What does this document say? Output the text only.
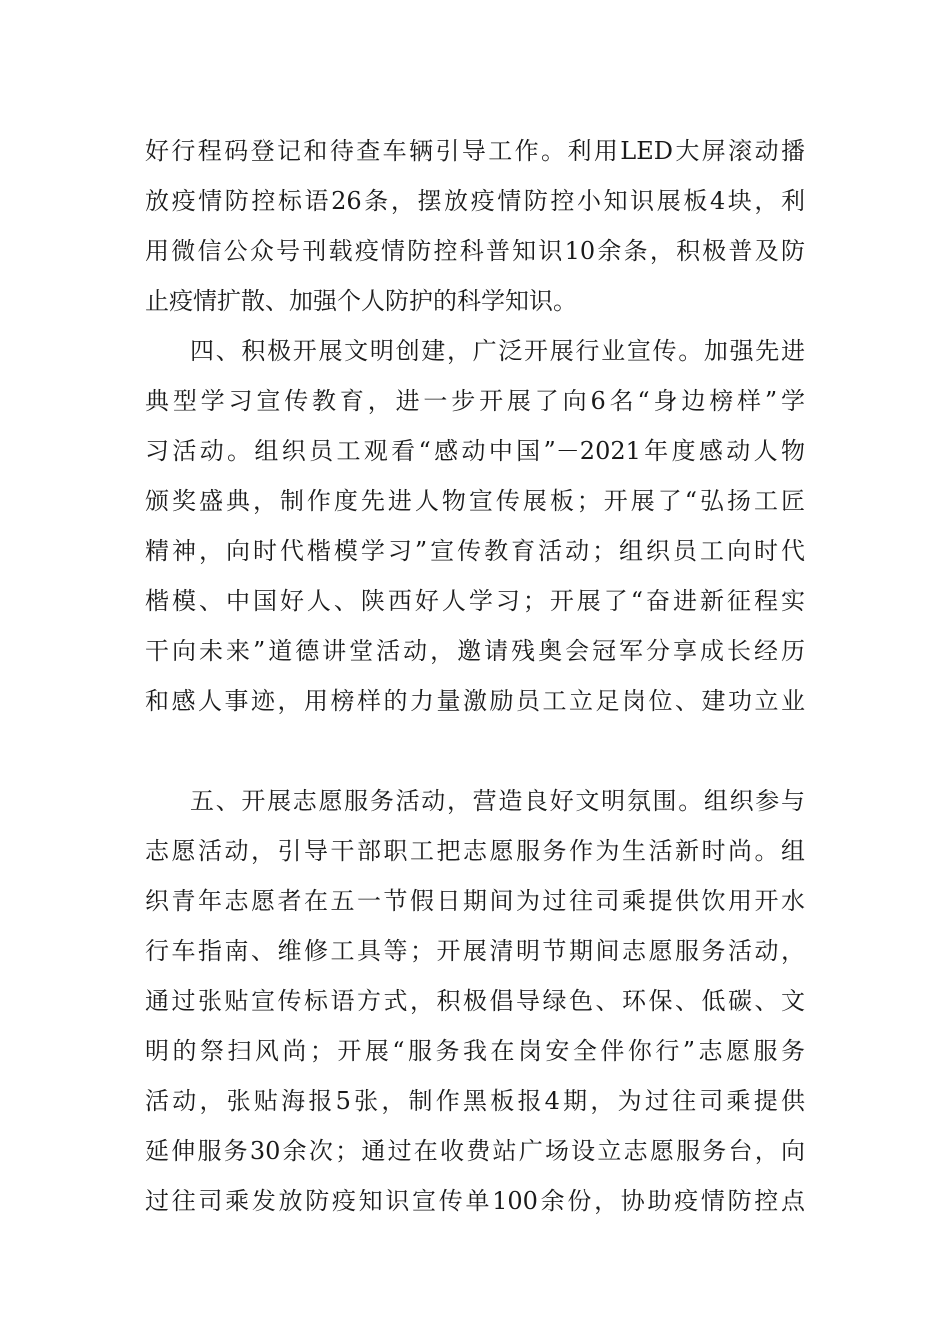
好行程码登记和待查车辆引导工作。利用LED大屏滚动播
放疫情防控标语26条，摆放疫情防控小知识展板4块，利
用微信公众号刊载疫情防控科普知识10余条，积极普及防
止疫情扩散、加强个人防护的科学知识。
四、积极开展文明创建，广泛开展行业宣传。加强先进
典型学习宣传教育，进一步开展了向6名“身边榜样”学
习活动。组织员工观看“感动中国”－2021年度感动人物
颁奖盛典，制作度先进人物宣传展板；开展了“弘扬工匠
精神，向时代楷模学习”宣传教育活动；组织员工向时代
楷模、中国好人、陕西好人学习；开展了“奋进新征程实
干向未来”道德讲堂活动，邀请残奥会冠军分享成长经历
和感人事迹，用榜样的力量激励员工立足岗位、建功立业
五、开展志愿服务活动，营造良好文明氛围。组织参与
志愿活动，引导干部职工把志愿服务作为生活新时尚。组
织青年志愿者在五一节假日期间为过往司乘提供饮用开水
行车指南、维修工具等；开展清明节期间志愿服务活动，
通过张贴宣传标语方式，积极倡导绿色、环保、低碳、文
明的祭扫风尚；开展“服务我在岗安全伴你行”志愿服务
活动，张贴海报5张，制作黑板报4期，为过往司乘提供
延伸服务30余次；通过在收费站广场设立志愿服务台，向
过往司乘发放防疫知识宣传单100余份，协助疫情防控点
